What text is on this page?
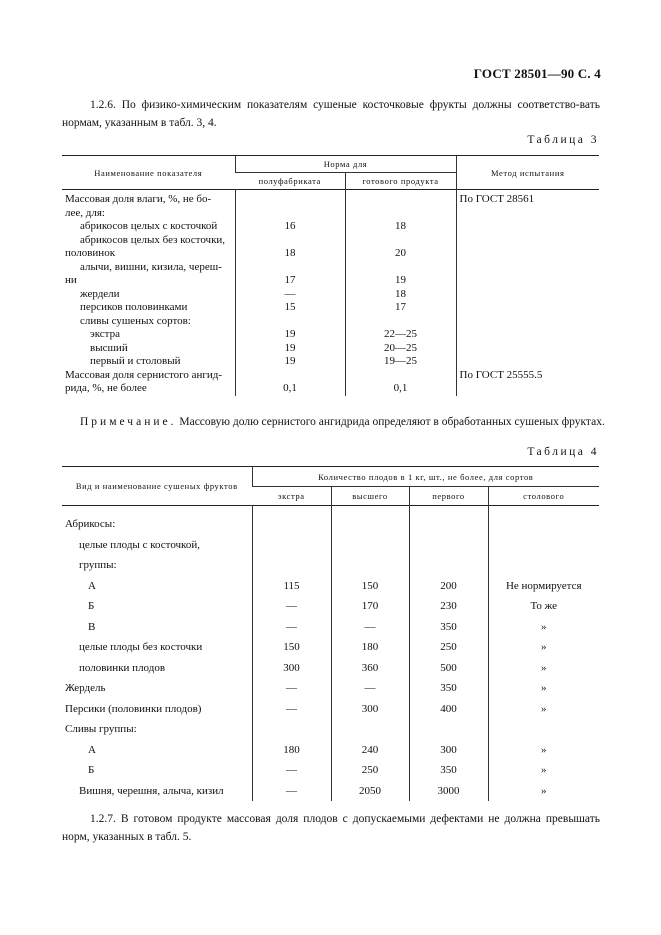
ГОСТ 28501—90 С. 4
1.2.6. По физико-химическим показателям сушеные косточковые фрукты должны соответство-вать нормам, указанным в табл. 3, 4.
Таблица 3
Наименование показателя	Норма для		Метод испытания
	полуфабриката	готового продукта	
Массовая доля влаги, %, не бо-			По ГОСТ 28561
лее, для:			
абрикосов целых с косточкой	16	18	
абрикосов целых без косточки,			
половинок	18	20	
алычи, вишни, кизила, череш-			
ни	17	19	
жердели	—	18	
персиков половинками	15	17	
сливы сушеных сортов:			
экстра	19	22—25	
высший	19	20—25	
первый и столовый	19	19—25	
Массовая доля сернистого ангид-			По ГОСТ 25555.5
рида, %, не более	0,1	0,1	
Примечание. Массовую долю сернистого ангидрида определяют в обработанных сушеных фруктах.
Таблица 4
Вид и наименование сушеных фруктов	Количество плодов в 1 кг, шт., не более, для сортов			
	экстра	высшего	первого	столового
Абрикосы:				
целые плоды с косточкой,				
группы:				
А	115	150	200	Не нормируется
Б	—	170	230	То же
В	—	—	350	»
целые плоды без косточки	150	180	250	»
половинки плодов	300	360	500	»
Жердель	—	—	350	»
Персики (половинки плодов)	—	300	400	»
Сливы группы:				
А	180	240	300	»
Б	—	250	350	»
Вишня, черешня, алыча, кизил	—	2050	3000	»
1.2.7. В готовом продукте массовая доля плодов с допускаемыми дефектами не должна превышать норм, указанных в табл. 5.
